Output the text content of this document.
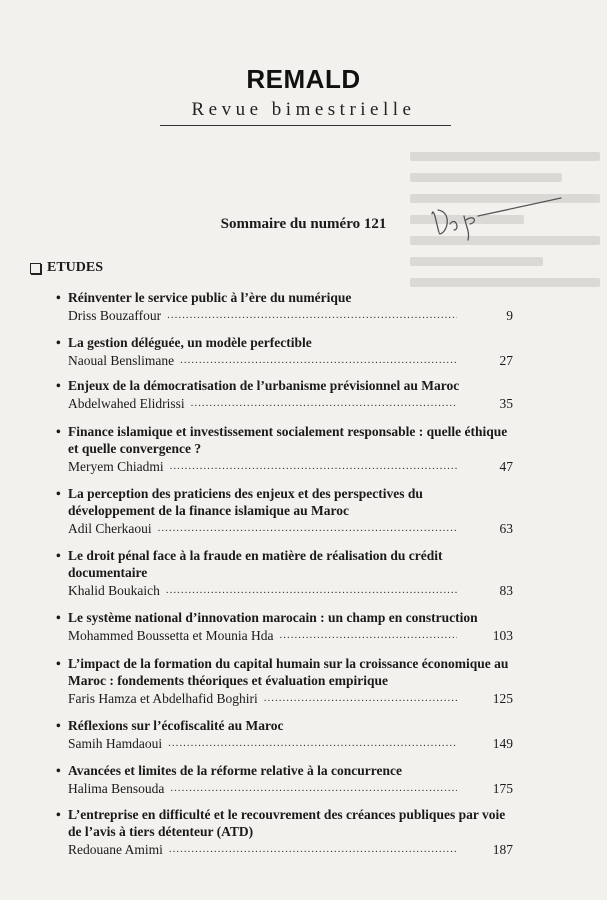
REMALD
Revue bimestrielle
Sommaire du numéro 121
ETUDES
• Réinventer le service public à l’ère du numérique
Driss Bouzaffour .....	9
• La gestion déléguée, un modèle perfectible
Naoual Benslimane .....	27
• Enjeux de la démocratisation de l’urbanisme prévisionnel au Maroc
Abdelwahed Elidrissi .....	35
• Finance islamique et investissement socialement responsable : quelle éthique et quelle convergence ?
Meryem Chiadmi .....	47
• La perception des praticiens des enjeux et des perspectives du développement de la finance islamique au Maroc
Adil Cherkaoui .....	63
• Le droit pénal face à la fraude en matière de réalisation du crédit documentaire
Khalid Boukaich .....	83
• Le système national d’innovation marocain : un champ en construction
Mohammed Boussetta et Mounia Hda .....	103
• L’impact de la formation du capital humain sur la croissance économique au Maroc : fondements théoriques et évaluation empirique
Faris Hamza et Abdelhafid Boghiri .....	125
• Réflexions sur l’écofiscalité au Maroc
Samih Hamdaoui .....	149
• Avancées et limites de la réforme relative à la concurrence
Halima Bensouda .....	175
• L’entreprise en difficulté et le recouvrement des créances publiques par voie de l’avis à tiers détenteur (ATD)
Redouane Amimi .....	187
